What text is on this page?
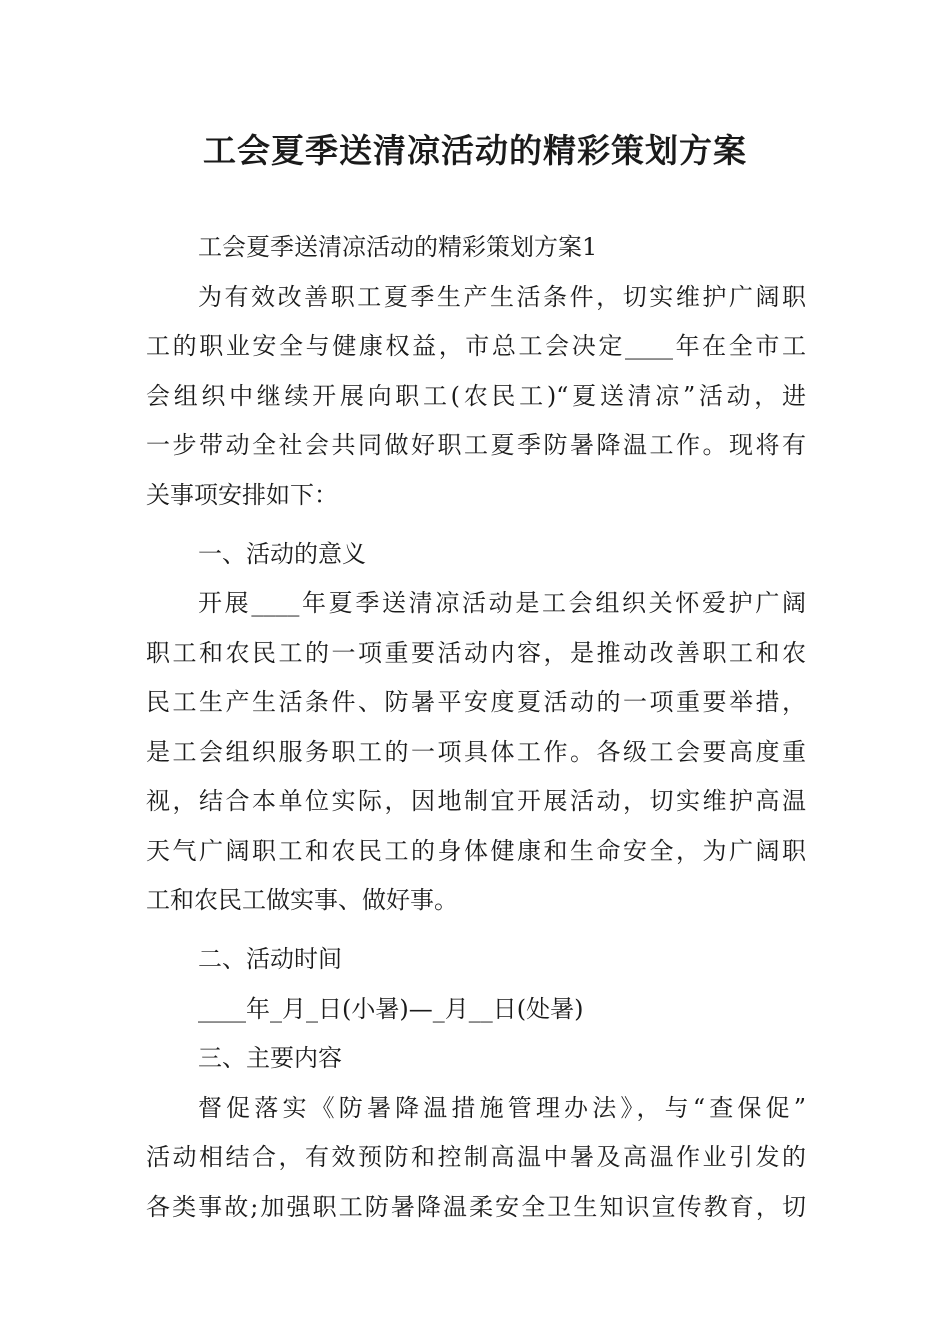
工会夏季送清凉活动的精彩策划方案
工会夏季送清凉活动的精彩策划方案1
为有效改善职工夏季生产生活条件，切实维护广阔职
工的职业安全与健康权益，市总工会决定____年在全市工
会组织中继续开展向职工(农民工)“夏送清凉”活动，进
一步带动全社会共同做好职工夏季防暑降温工作。现将有
关事项安排如下：
一、活动的意义
开展____年夏季送清凉活动是工会组织关怀爱护广阔
职工和农民工的一项重要活动内容，是推动改善职工和农
民工生产生活条件、防暑平安度夏活动的一项重要举措，
是工会组织服务职工的一项具体工作。各级工会要高度重
视，结合本单位实际，因地制宜开展活动，切实维护高温
天气广阔职工和农民工的身体健康和生命安全，为广阔职
工和农民工做实事、做好事。
二、活动时间
____年_月_日(小暑)—_月__日(处暑)
三、主要内容
督促落实《防暑降温措施管理办法》，与“查保促”
活动相结合，有效预防和控制高温中暑及高温作业引发的
各类事故;加强职工防暑降温柔安全卫生知识宣传教育，切
